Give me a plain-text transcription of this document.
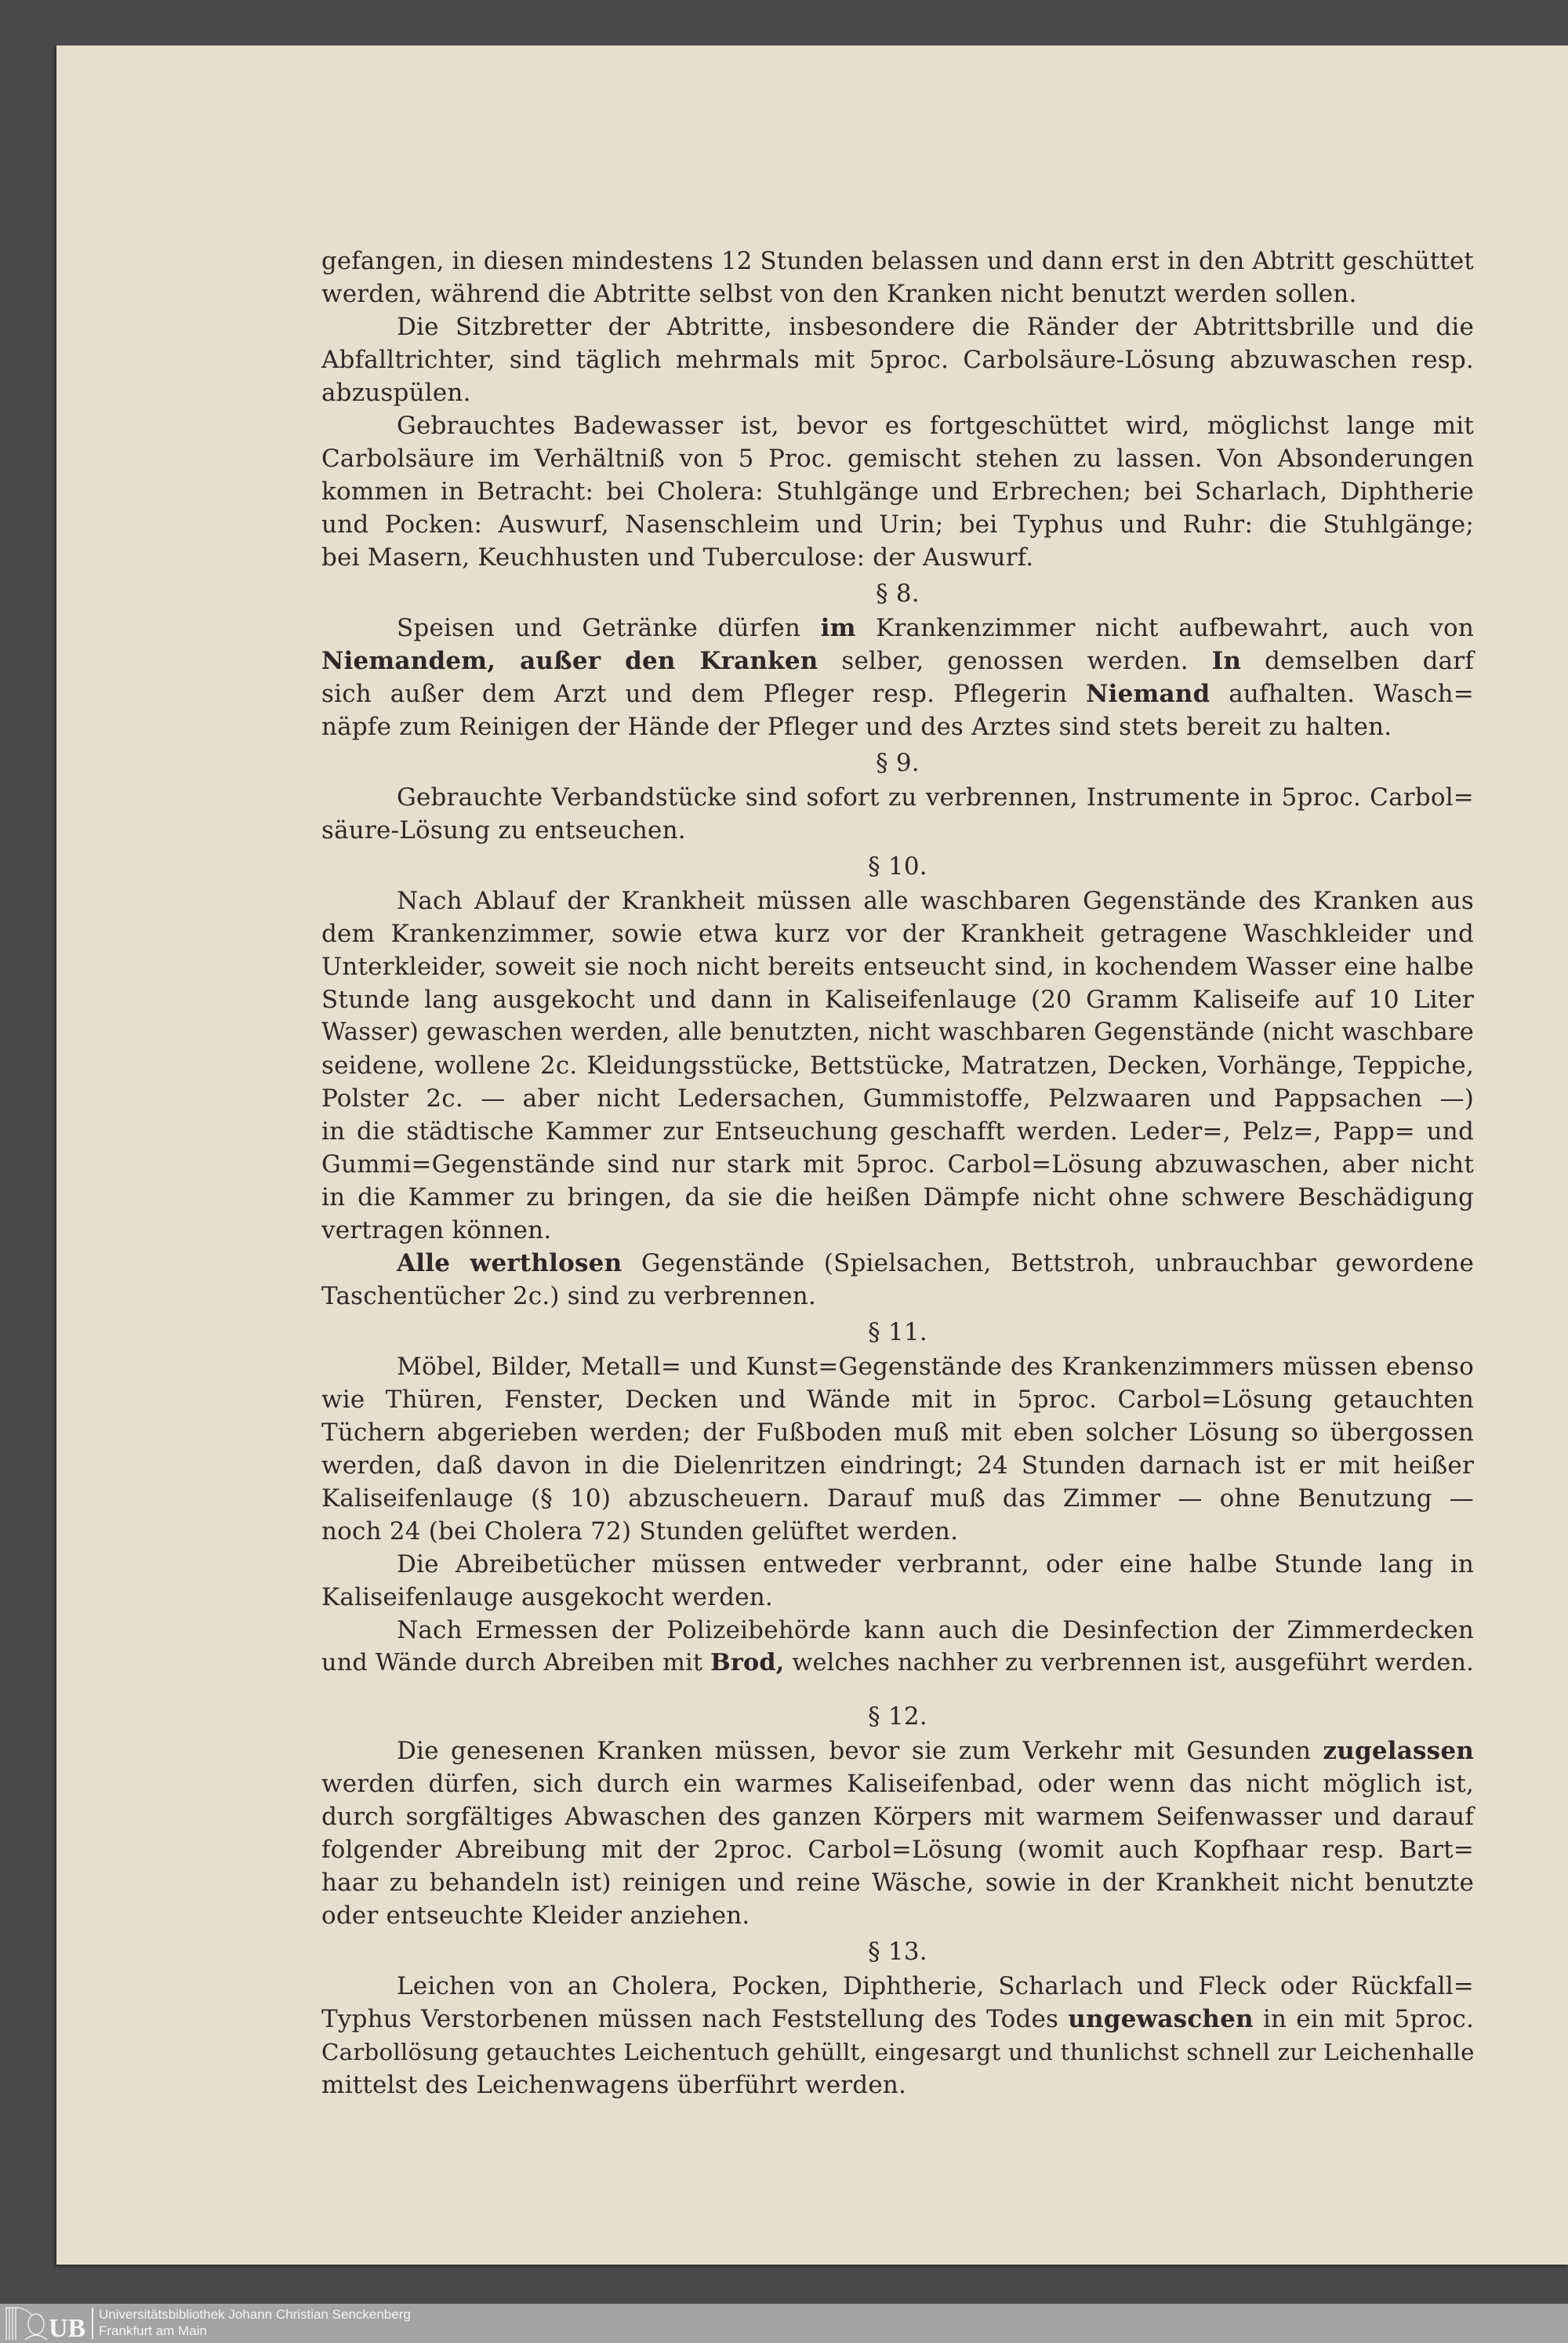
gefangen, in diesen mindestens 12 Stunden belassen und dann erst in den Abtritt geschüttet
werden, während die Abtritte selbst von den Kranken nicht benutzt werden sollen.
Die Sitzbretter der Abtritte, insbesondere die Ränder der Abtrittsbrille und die
Abfalltrichter, sind täglich mehrmals mit 5proc. Carbolsäure-Lösung abzuwaschen resp.
abzuspülen.
Gebrauchtes Badewasser ist, bevor es fortgeschüttet wird, möglichst lange mit
Carbolsäure im Verhältniß von 5 Proc. gemischt stehen zu lassen. Von Absonderungen
kommen in Betracht: bei Cholera: Stuhlgänge und Erbrechen; bei Scharlach, Diphtherie
und Pocken: Auswurf, Nasenschleim und Urin; bei Typhus und Ruhr: die Stuhlgänge;
bei Masern, Keuchhusten und Tuberculose: der Auswurf.
§ 8.
Speisen und Getränke dürfen im Krankenzimmer nicht aufbewahrt, auch von
Niemandem, außer den Kranken selber, genossen werden. In demselben darf
sich außer dem Arzt und dem Pfleger resp. Pflegerin Niemand aufhalten. Wasch=
näpfe zum Reinigen der Hände der Pfleger und des Arztes sind stets bereit zu halten.
§ 9.
Gebrauchte Verbandstücke sind sofort zu verbrennen, Instrumente in 5proc. Carbol=
säure-Lösung zu entseuchen.
§ 10.
Nach Ablauf der Krankheit müssen alle waschbaren Gegenstände des Kranken aus
dem Krankenzimmer, sowie etwa kurz vor der Krankheit getragene Waschkleider und
Unterkleider, soweit sie noch nicht bereits entseucht sind, in kochendem Wasser eine halbe
Stunde lang ausgekocht und dann in Kaliseifenlauge (20 Gramm Kaliseife auf 10 Liter
Wasser) gewaschen werden, alle benutzten, nicht waschbaren Gegenstände (nicht waschbare
seidene, wollene 2c. Kleidungsstücke, Bettstücke, Matratzen, Decken, Vorhänge, Teppiche,
Polster 2c. — aber nicht Ledersachen, Gummistoffe, Pelzwaaren und Pappsachen —)
in die städtische Kammer zur Entseuchung geschafft werden. Leder=, Pelz=, Papp= und
Gummi=Gegenstände sind nur stark mit 5proc. Carbol=Lösung abzuwaschen, aber nicht
in die Kammer zu bringen, da sie die heißen Dämpfe nicht ohne schwere Beschädigung
vertragen können.
Alle werthlosen Gegenstände (Spielsachen, Bettstroh, unbrauchbar gewordene
Taschentücher 2c.) sind zu verbrennen.
§ 11.
Möbel, Bilder, Metall= und Kunst=Gegenstände des Krankenzimmers müssen ebenso
wie Thüren, Fenster, Decken und Wände mit in 5proc. Carbol=Lösung getauchten
Tüchern abgerieben werden; der Fußboden muß mit eben solcher Lösung so übergossen
werden, daß davon in die Dielenritzen eindringt; 24 Stunden darnach ist er mit heißer
Kaliseifenlauge (§ 10) abzuscheuern. Darauf muß das Zimmer — ohne Benutzung —
noch 24 (bei Cholera 72) Stunden gelüftet werden.
Die Abreibetücher müssen entweder verbrannt, oder eine halbe Stunde lang in
Kaliseifenlauge ausgekocht werden.
Nach Ermessen der Polizeibehörde kann auch die Desinfection der Zimmerdecken
und Wände durch Abreiben mit Brod, welches nachher zu verbrennen ist, ausgeführt werden.
§ 12.
Die genesenen Kranken müssen, bevor sie zum Verkehr mit Gesunden zugelassen
werden dürfen, sich durch ein warmes Kaliseifenbad, oder wenn das nicht möglich ist,
durch sorgfältiges Abwaschen des ganzen Körpers mit warmem Seifenwasser und darauf
folgender Abreibung mit der 2proc. Carbol=Lösung (womit auch Kopfhaar resp. Bart=
haar zu behandeln ist) reinigen und reine Wäsche, sowie in der Krankheit nicht benutzte
oder entseuchte Kleider anziehen.
§ 13.
Leichen von an Cholera, Pocken, Diphtherie, Scharlach und Fleck oder Rückfall=
Typhus Verstorbenen müssen nach Feststellung des Todes ungewaschen in ein mit 5proc.
Carbollösung getauchtes Leichentuch gehüllt, eingesargt und thunlichst schnell zur Leichenhalle
mittelst des Leichenwagens überführt werden.
UB Universitätsbibliothek Johann Christian Senckenberg
Frankfurt am Main
